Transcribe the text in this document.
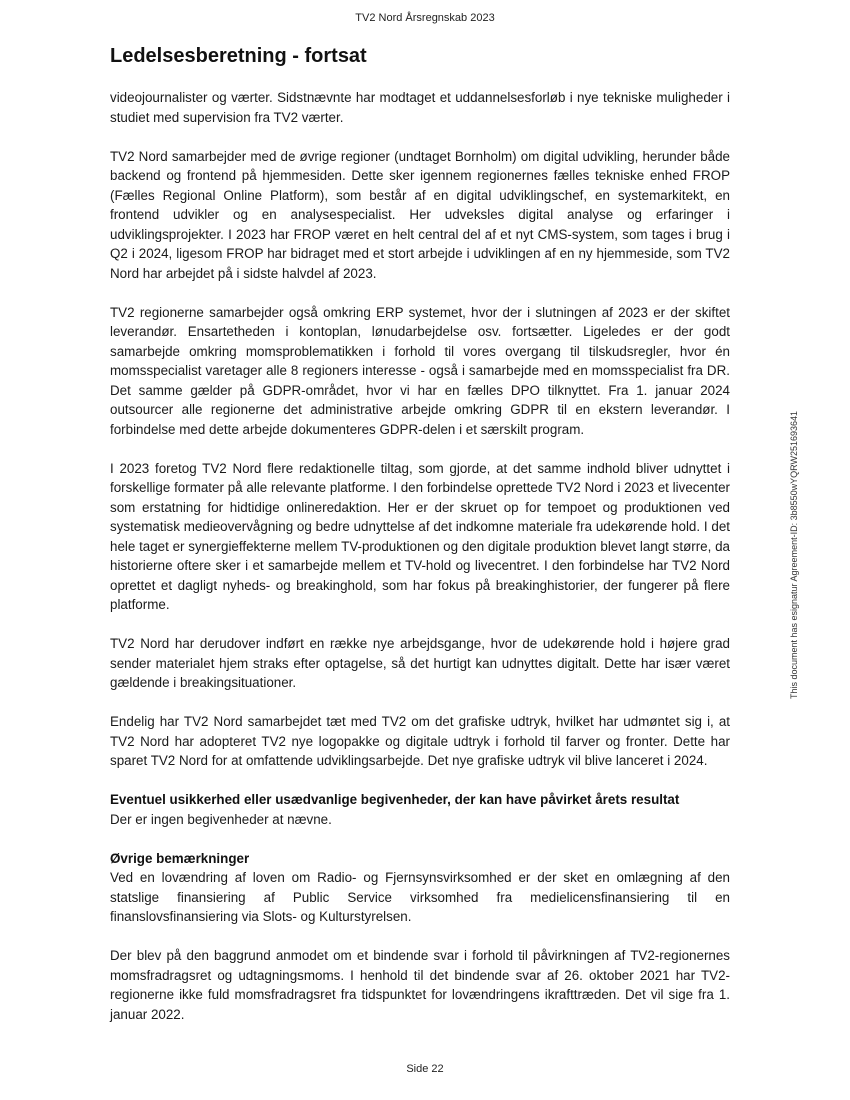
TV2 Nord Årsregnskab 2023
Ledelsesberetning - fortsat

videojournalister og værter. Sidstnævnte har modtaget et uddannelsesforløb i nye tekniske muligheder i studiet med supervision fra TV2 værter.

TV2 Nord samarbejder med de øvrige regioner (undtaget Bornholm) om digital udvikling, herunder både backend og frontend på hjemmesiden. Dette sker igennem regionernes fælles tekniske enhed FROP (Fælles Regional Online Platform), som består af en digital udviklingschef, en systemarkitekt, en frontend udvikler og en analysespecialist. Her udveksles digital analyse og erfaringer i udviklingsprojekter. I 2023 har FROP været en helt central del af et nyt CMS-system, som tages i brug i Q2 i 2024, ligesom FROP har bidraget med et stort arbejde i udviklingen af en ny hjemmeside, som TV2 Nord har arbejdet på i sidste halvdel af 2023.

TV2 regionerne samarbejder også omkring ERP systemet, hvor der i slutningen af 2023 er der skiftet leverandør. Ensartetheden i kontoplan, lønudarbejdelse osv. fortsætter. Ligeledes er der godt samarbejde omkring momsproblematikken i forhold til vores overgang til tilskudsregler, hvor én momsspecialist varetager alle 8 regioners interesse - også i samarbejde med en momsspecialist fra DR. Det samme gælder på GDPR-området, hvor vi har en fælles DPO tilknyttet. Fra 1. januar 2024 outsourcer alle regionerne det administrative arbejde omkring GDPR til en ekstern leverandør. I forbindelse med dette arbejde dokumenteres GDPR-delen i et særskilt program.

I 2023 foretog TV2 Nord flere redaktionelle tiltag, som gjorde, at det samme indhold bliver udnyttet i forskellige formater på alle relevante platforme. I den forbindelse oprettede TV2 Nord i 2023 et livecenter som erstatning for hidtidige onlineredaktion. Her er der skruet op for tempoet og produktionen ved systematisk medieovervågning og bedre udnyttelse af det indkomne materiale fra udekørende hold. I det hele taget er synergieffekterne mellem TV-produktionen og den digitale produktion blevet langt større, da historierne oftere sker i et samarbejde mellem et TV-hold og livecentret. I den forbindelse har TV2 Nord oprettet et dagligt nyheds- og breakinghold, som har fokus på breakinghistorier, der fungerer på flere platforme.

TV2 Nord har derudover indført en række nye arbejdsgange, hvor de udekørende hold i højere grad sender materialet hjem straks efter optagelse, så det hurtigt kan udnyttes digitalt. Dette har især været gældende i breakingsituationer.

Endelig har TV2 Nord samarbejdet tæt med TV2 om det grafiske udtryk, hvilket har udmøntet sig i, at TV2 Nord har adopteret TV2 nye logopakke og digitale udtryk i forhold til farver og fronter. Dette har sparet TV2 Nord for at omfattende udviklingsarbejde. Det nye grafiske udtryk vil blive lanceret i 2024.

Eventuel usikkerhed eller usædvanlige begivenheder, der kan have påvirket årets resultat

Der er ingen begivenheder at nævne.

Øvrige bemærkninger

Ved en lovændring af loven om Radio- og Fjernsynsvirksomhed er der sket en omlægning af den statslige finansiering af Public Service virksomhed fra medielicensfinansiering til en finanslovsfinansiering via Slots- og Kulturstyrelsen.

Der blev på den baggrund anmodet om et bindende svar i forhold til påvirkningen af TV2-regionernes momsfradragsret og udtagningsmoms. I henhold til det bindende svar af 26. oktober 2021 har TV2-regionerne ikke fuld momsfradragsret fra tidspunktet for lovændringens ikrafttræden. Det vil sige fra 1. januar 2022.

This document has esignatur Agreement-ID: 3b8550wYQRW251693641
Side 22
